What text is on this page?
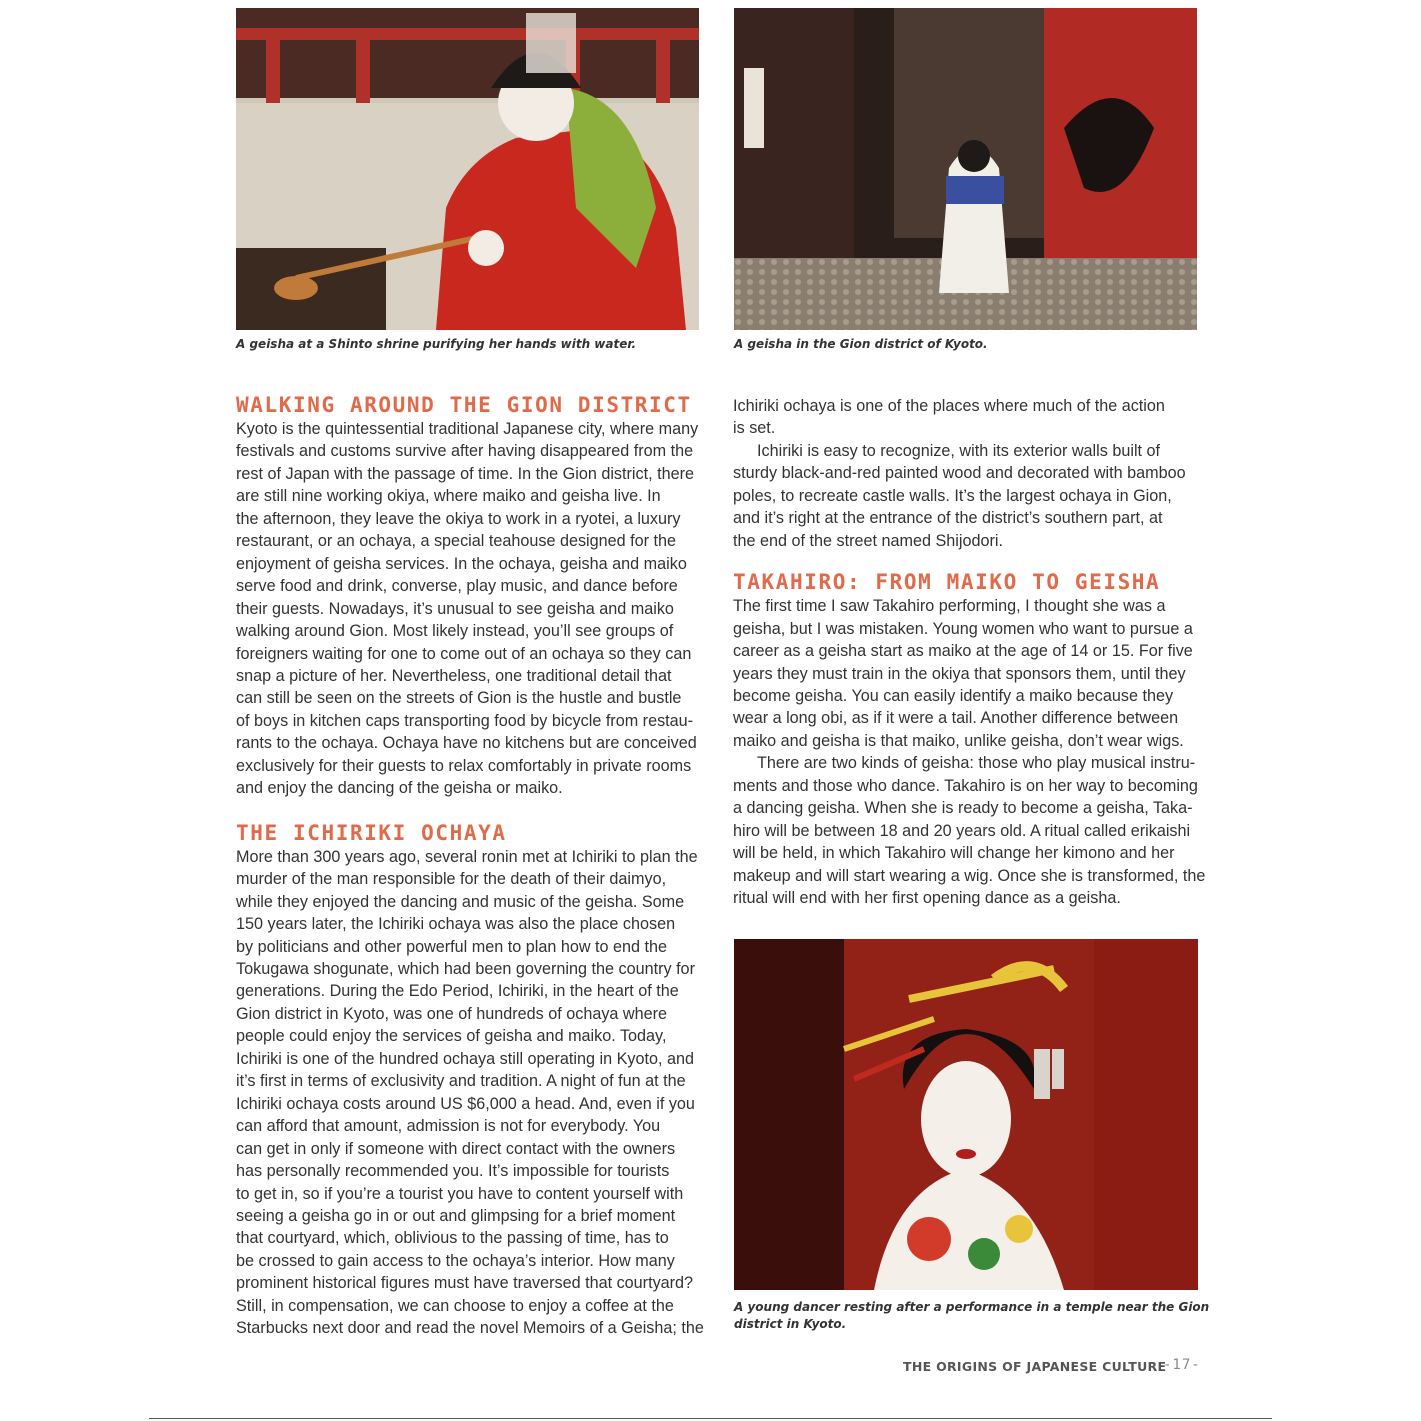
A geisha at a Shinto shrine purifying her hands with water.	A geisha in the Gion district of Kyoto.

WALKING AROUND THE GION DISTRICT

Kyoto is the quintessential traditional Japanese city, where many
festivals and customs survive after having disappeared from the
rest of Japan with the passage of time. In the Gion district, there
are still nine working okiya, where maiko and geisha live. In
the afternoon, they leave the okiya to work in a ryotei, a luxury
restaurant, or an ochaya, a special teahouse designed for the
enjoyment of geisha services. In the ochaya, geisha and maiko
serve food and drink, converse, play music, and dance before
their guests. Nowadays, it’s unusual to see geisha and maiko
walking around Gion. Most likely instead, you’ll see groups of
foreigners waiting for one to come out of an ochaya so they can
snap a picture of her. Nevertheless, one traditional detail that
can still be seen on the streets of Gion is the hustle and bustle
of boys in kitchen caps transporting food by bicycle from restau-
rants to the ochaya. Ochaya have no kitchens but are conceived
exclusively for their guests to relax comfortably in private rooms
and enjoy the dancing of the geisha or maiko.

THE ICHIRIKI OCHAYA

More than 300 years ago, several ronin met at Ichiriki to plan the
murder of the man responsible for the death of their daimyo,
while they enjoyed the dancing and music of the geisha. Some
150 years later, the Ichiriki ochaya was also the place chosen
by politicians and other powerful men to plan how to end the
Tokugawa shogunate, which had been governing the country for
generations. During the Edo Period, Ichiriki, in the heart of the
Gion district in Kyoto, was one of hundreds of ochaya where
people could enjoy the services of geisha and maiko. Today,
Ichiriki is one of the hundred ochaya still operating in Kyoto, and
it’s first in terms of exclusivity and tradition. A night of fun at the
Ichiriki ochaya costs around US $6,000 a head. And, even if you
can afford that amount, admission is not for everybody. You
can get in only if someone with direct contact with the owners
has personally recommended you. It’s impossible for tourists
to get in, so if you’re a tourist you have to content yourself with
seeing a geisha go in or out and glimpsing for a brief moment
that courtyard, which, oblivious to the passing of time, has to
be crossed to gain access to the ochaya’s interior. How many
prominent historical figures must have traversed that courtyard?
Still, in compensation, we can choose to enjoy a coffee at the
Starbucks next door and read the novel Memoirs of a Geisha; the

Ichiriki ochaya is one of the places where much of the action
is set.

Ichiriki is easy to recognize, with its exterior walls built of
sturdy black-and-red painted wood and decorated with bamboo
poles, to recreate castle walls. It’s the largest ochaya in Gion,
and it’s right at the entrance of the district’s southern part, at
the end of the street named Shijodori.

TAKAHIRO: FROM MAIKO TO GEISHA

The first time I saw Takahiro performing, I thought she was a
geisha, but I was mistaken. Young women who want to pursue a
career as a geisha start as maiko at the age of 14 or 15. For five
years they must train in the okiya that sponsors them, until they
become geisha. You can easily identify a maiko because they
wear a long obi, as if it were a tail. Another difference between
maiko and geisha is that maiko, unlike geisha, don’t wear wigs.

There are two kinds of geisha: those who play musical instru-
ments and those who dance. Takahiro is on her way to becoming
a dancing geisha. When she is ready to become a geisha, Taka-
hiro will be between 18 and 20 years old. A ritual called erikaishi
will be held, in which Takahiro will change her kimono and her
makeup and will start wearing a wig. Once she is transformed, the
ritual will end with her first opening dance as a geisha.

A young dancer resting after a performance in a temple near the Gion
district in Kyoto.

THE ORIGINS OF JAPANESE CULTURE
-17-
